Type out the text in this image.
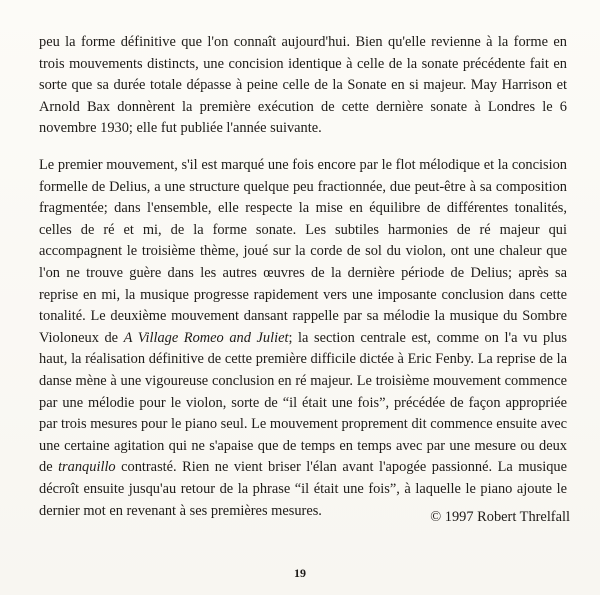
peu la forme définitive que l'on connaît aujourd'hui. Bien qu'elle revienne à la forme en trois mouvements distincts, une concision identique à celle de la sonate précédente fait en sorte que sa durée totale dépasse à peine celle de la Sonate en si majeur. May Harrison et Arnold Bax donnèrent la première exécution de cette dernière sonate à Londres le 6 novembre 1930; elle fut publiée l'année suivante.

Le premier mouvement, s'il est marqué une fois encore par le flot mélodique et la concision formelle de Delius, a une structure quelque peu fractionnée, due peut-être à sa composition fragmentée; dans l'ensemble, elle respecte la mise en équilibre de différentes tonalités, celles de ré et mi, de la forme sonate. Les subtiles harmonies de ré majeur qui accompagnent le troisième thème, joué sur la corde de sol du violon, ont une chaleur que l'on ne trouve guère dans les autres œuvres de la dernière période de Delius; après sa reprise en mi, la musique progresse rapidement vers une imposante conclusion dans cette tonalité. Le deuxième mouvement dansant rappelle par sa mélodie la musique du Sombre Violoneux de A Village Romeo and Juliet; la section centrale est, comme on l'a vu plus haut, la réalisation définitive de cette première difficile dictée à Eric Fenby. La reprise de la danse mène à une vigoureuse conclusion en ré majeur. Le troisième mouvement commence par une mélodie pour le violon, sorte de “il était une fois”, précédée de façon appropriée par trois mesures pour le piano seul. Le mouvement proprement dit commence ensuite avec une certaine agitation qui ne s'apaise que de temps en temps avec par une mesure ou deux de tranquillo contrasté. Rien ne vient briser l'élan avant l'apogée passionné. La musique décroît ensuite jusqu'au retour de la phrase “il était une fois”, à laquelle le piano ajoute le dernier mot en revenant à ses premières mesures.	© 1997 Robert Threlfall
19
